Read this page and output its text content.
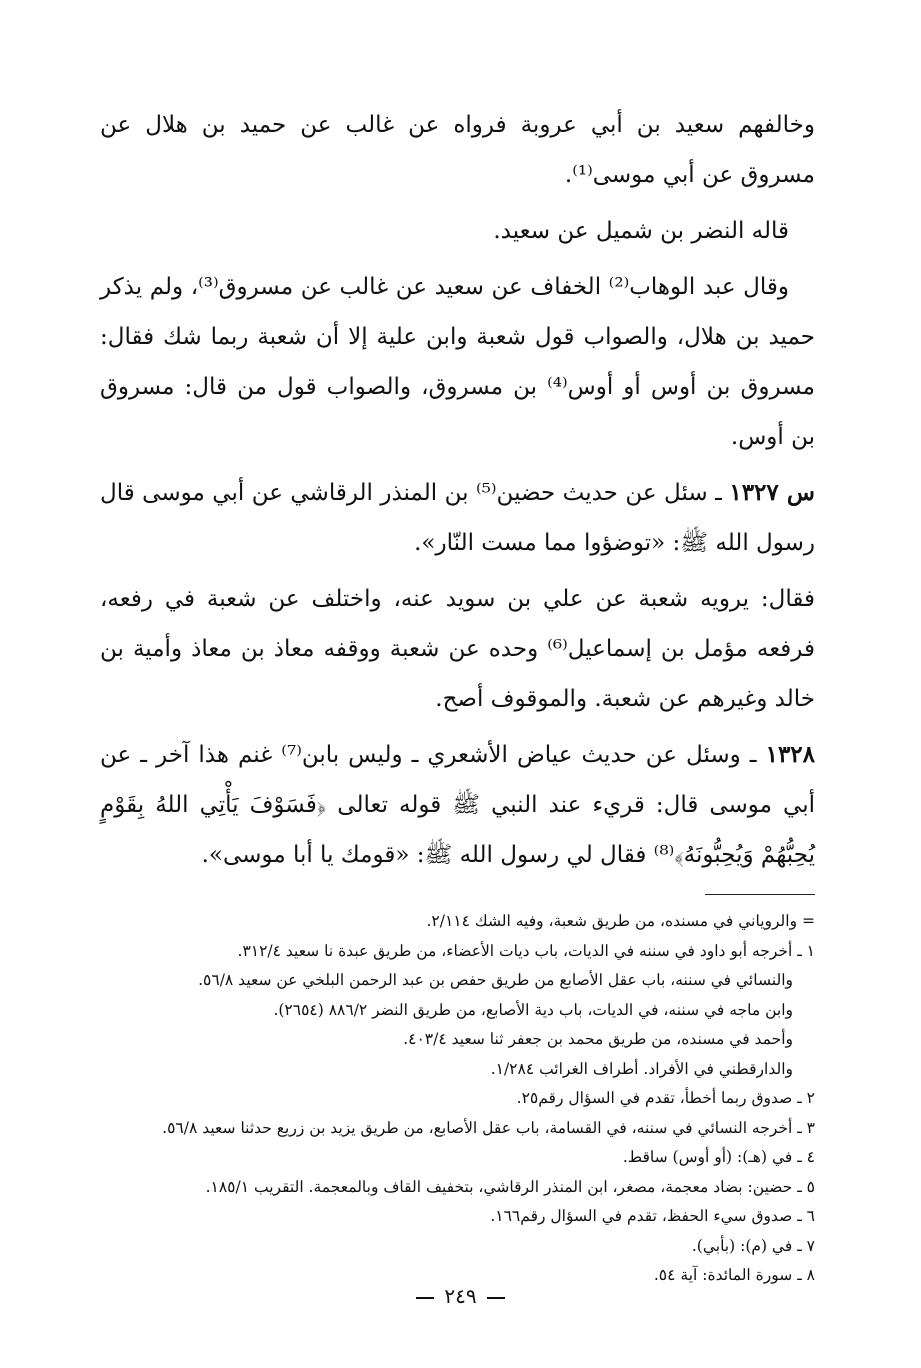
وخالفهم سعيد بن أبي عروبة فرواه عن غالب عن حميد بن هلال عن مسروق عن أبي موسى⁽¹⁾.

قاله النضر بن شميل عن سعيد.

وقال عبد الوهاب⁽²⁾ الخفاف عن سعيد عن غالب عن مسروق⁽³⁾، ولم يذكر حميد بن هلال، والصواب قول شعبة وابن علية إلا أن شعبة ربما شك فقال: مسروق بن أوس أو أوس⁽⁴⁾ بن مسروق، والصواب قول من قال: مسروق بن أوس.

س ١٣٢٧ ـ سئل عن حديث حضين⁽⁵⁾ بن المنذر الرقاشي عن أبي موسى قال رسول الله ﷺ: «توضؤوا مما مست النّار».

فقال: يرويه شعبة عن علي بن سويد عنه، واختلف عن شعبة في رفعه، فرفعه مؤمل بن إسماعيل⁽⁶⁾ وحده عن شعبة ووقفه معاذ بن معاذ وأمية بن خالد وغيرهم عن شعبة. والموقوف أصح.

١٣٢٨ ـ وسئل عن حديث عياض الأشعري ـ وليس بابن⁽⁷⁾ غنم هذا آخر ـ عن أبي موسى قال: قريء عند النبي ﷺ قوله تعالى ﴿فَسَوْفَ يَأْتِي اللهُ بِقَوْمٍ يُحِبُّهُمْ وَيُحِبُّونَهُ﴾⁽⁸⁾ فقال لي رسول الله ﷺ: «قومك يا أبا موسى».

= والروياني في مسنده، من طريق شعبة، وفيه الشك ٢/١١٤.
١ ـ أخرجه أبو داود في سننه في الديات، باب ديات الأعضاء، من طريق عبدة نا سعيد ٣١٢/٤.
والنسائي في سننه، باب عقل الأصابع من طريق حفص بن عبد الرحمن البلخي عن سعيد ٥٦/٨.
وابن ماجه في سننه، في الديات، باب دية الأصابع، من طريق النضر ٨٨٦/٢ (٢٦٥٤).
وأحمد في مسنده، من طريق محمد بن جعفر ثنا سعيد ٤٠٣/٤.
والدارقطني في الأفراد. أطراف الغرائب ١/٢٨٤.
٢ ـ صدوق ربما أخطأ، تقدم في السؤال رقم٢٥.
٣ ـ أخرجه النسائي في سننه، في القسامة، باب عقل الأصابع، من طريق يزيد بن زريع حدثنا سعيد ٥٦/٨.
٤ ـ في (هـ): (أو أوس) ساقط.
٥ ـ حضين: بضاد معجمة، مصغر، ابن المنذر الرقاشي، بتخفيف القاف وبالمعجمة. التقريب ١٨٥/١.
٦ ـ صدوق سيء الحفظ، تقدم في السؤال رقم١٦٦.
٧ ـ في (م): (بأبي).
٨ ـ سورة المائدة: آية ٥٤.
٢٤٩
